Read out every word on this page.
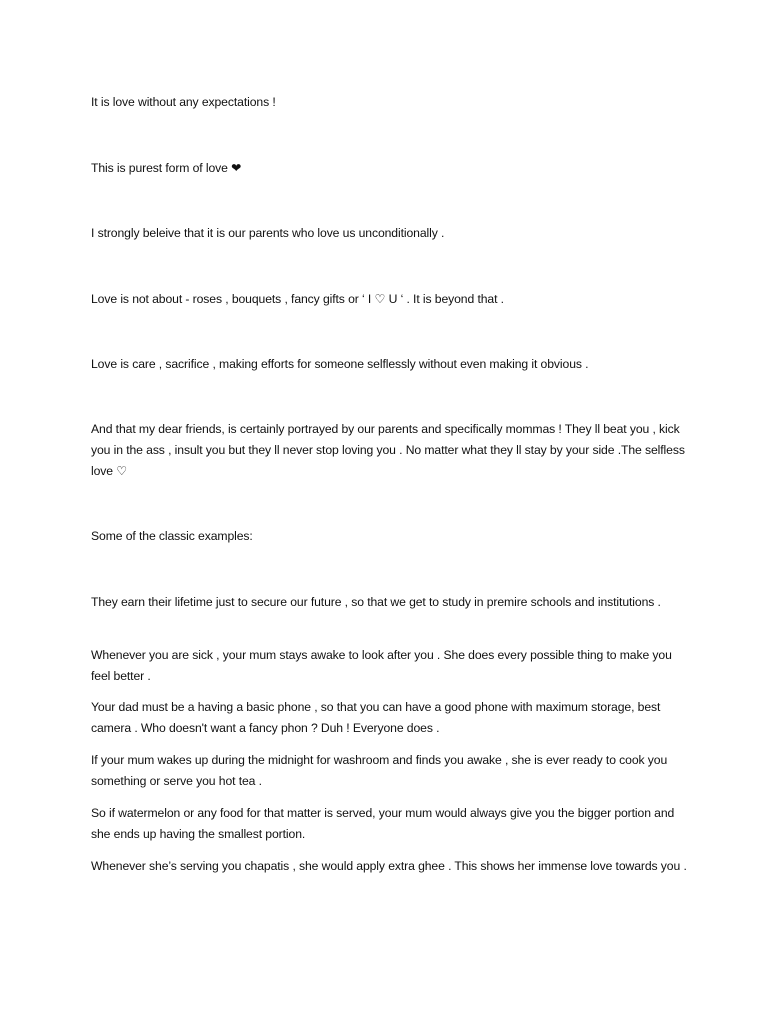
It is love without any expectations !

This is purest form of love ❤

I strongly beleive that it is our parents who love us unconditionally .

Love is not about - roses , bouquets , fancy gifts or ‘ I ♡ U ‘ . It is beyond that .

Love is care , sacrifice , making efforts for someone selflessly without even making it obvious .

And that my dear friends, is certainly portrayed by our parents and specifically mommas ! They ll beat you , kick you in the ass , insult you but they ll never stop loving you . No matter what they ll stay by your side .The selfless love ♡

Some of the classic examples:

They earn their lifetime just to secure our future , so that we get to study in premire schools and institutions .

Whenever you are sick , your mum stays awake to look after you . She does every possible thing to make you feel better .

Your dad must be a having a basic phone , so that you can have a good phone with maximum storage, best camera . Who doesn't want a fancy phon ? Duh ! Everyone does .

If your mum wakes up during the midnight for washroom and finds you awake , she is ever ready to cook you something or serve you hot tea .

So if watermelon or any food for that matter is served, your mum would always give you the bigger portion and she ends up having the smallest portion.

Whenever she’s serving you chapatis , she would apply extra ghee . This shows her immense love towards you .
